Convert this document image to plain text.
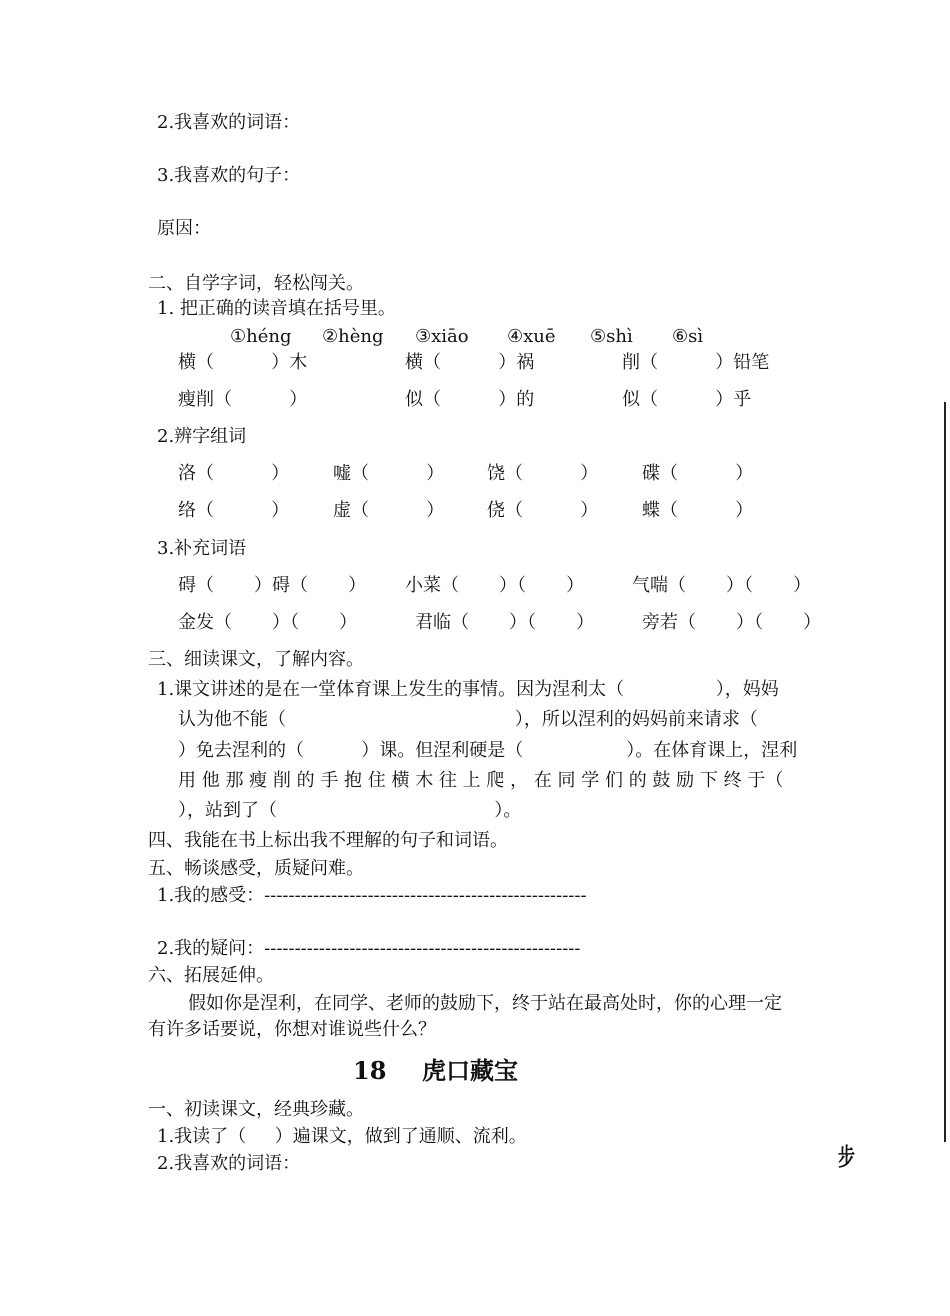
2.我喜欢的词语：
3.我喜欢的句子：
原因：
二、自学字词，轻松闯关。
1. 把正确的读音填在括号里。
①héng ②hèng ③xiāo ④xuē ⑤shì ⑥sì
横（          ）木	横（          ）祸	削（          ）铅笔
瘦削（          ）	似（          ）的	似（          ）乎
2.辨字组词
洛（          ） 嘘（          ） 饶（          ） 碟（          ）
络（          ） 虚（          ） 侥（          ） 蝶（          ）
3.补充词语
碍（       ）碍（       ） 小菜（       ）（       ）	气喘（       ）（       ）
金发（       ）（       ）	君临（       ）（       ）	旁若（       ）（       ）
三、细读课文，了解内容。
1.课文讲述的是在一堂体育课上发生的事情。因为涅利太（                ），妈妈
认为他不能（                                        ），所以涅利的妈妈前来请求（
）免去涅利的（          ）课。但涅利硬是（                  ）。在体育课上，涅利
用 他 那 瘦 削 的 手 抱 住 横 木 往 上 爬 ， 在 同 学 们 的 鼓 励 下 终 于（
），站到了（                                      ）。
四、我能在书上标出我不理解的句子和词语。
五、畅谈感受，质疑问难。
1.我的感受：-----------------------------------------------------
2.我的疑问：----------------------------------------------------
六、拓展延伸。
假如你是涅利，在同学、老师的鼓励下，终于站在最高处时，你的心理一定
有许多话要说，你想对谁说些什么？
18 虎口藏宝
一、初读课文，经典珍藏。
1.我读了（     ）遍课文，做到了通顺、流利。
2.我喜欢的词语：	步
